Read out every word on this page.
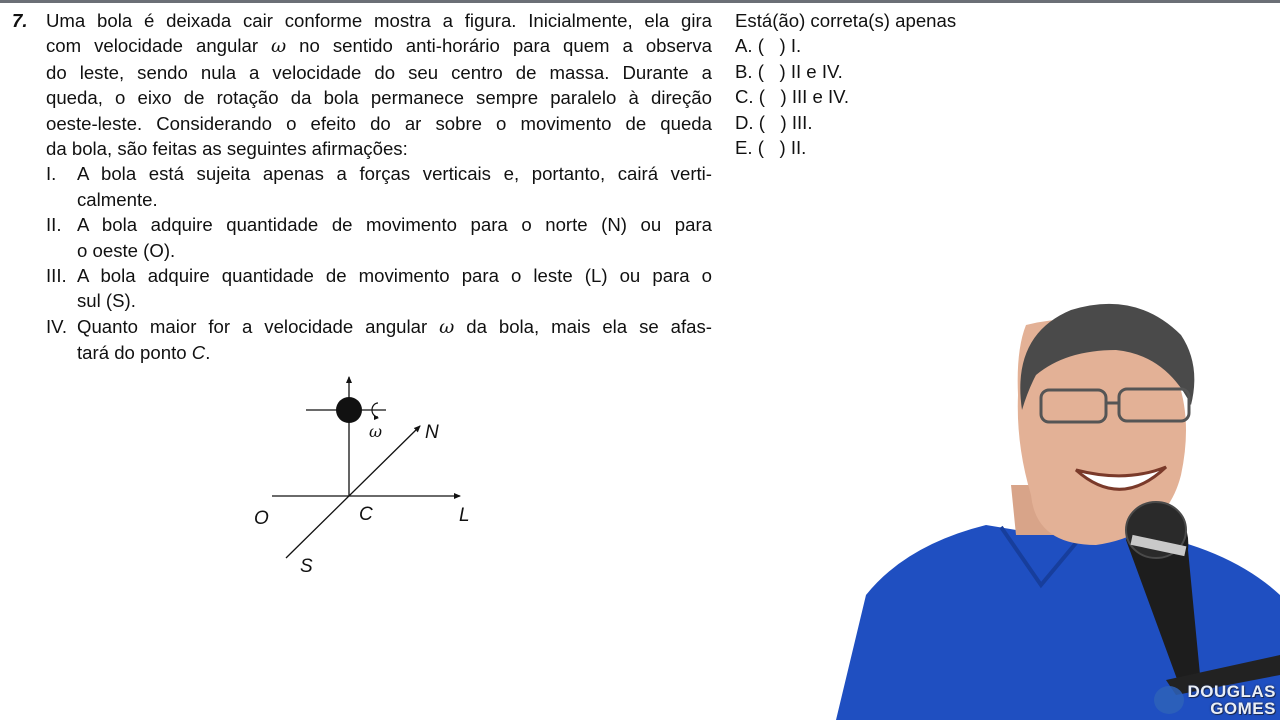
7. Uma bola é deixada cair conforme mostra a figura. Inicialmente, ela gira
com velocidade angular ω no sentido anti-horário para quem a observa
do leste, sendo nula a velocidade do seu centro de massa. Durante a
queda, o eixo de rotação da bola permanece sempre paralelo à direção
oeste-leste. Considerando o efeito do ar sobre o movimento de queda
da bola, são feitas as seguintes afirmações:
I. A bola está sujeita apenas a forças verticais e, portanto, cairá verti-
calmente.
II. A bola adquire quantidade de movimento para o norte (N) ou para
o oeste (O).
III. A bola adquire quantidade de movimento para o leste (L) ou para o
sul (S).
IV. Quanto maior for a velocidade angular ω da bola, mais ela se afas-
tará do ponto C.
ω N
O	C	L
S
Está(ão) correta(s) apenas
A. (   ) I.
B. (   ) II e IV.
C. (   ) III e IV.
D. (   ) III.
E. (   ) II.
DOUGLAS
GOMES
